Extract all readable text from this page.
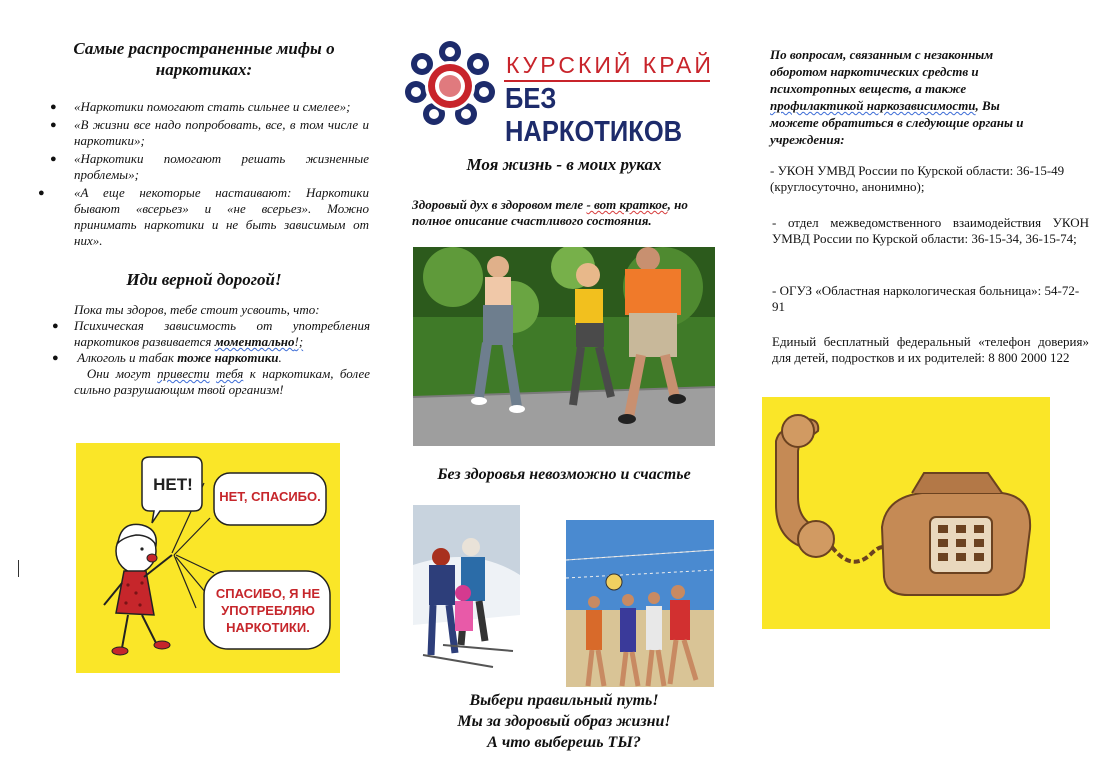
Самые распространенные мифы о наркотиках:

● «Наркотики помогают стать сильнее и смелее»;
● «В жизни все надо попробовать, все, в том числе и наркотики»;
● «Наркотики помогают решать жизненные проблемы»;
● «А еще некоторые настаивают: Наркотики бывают «всерьез» и «не всерьез». Можно принимать наркотики и не быть зависимым от них».

Иди верной дорогой!

Пока ты здоров, тебе стоит усвоить, что:
● Психическая зависимость от употребления наркотиков развивается моментально!;
● Алкоголь и табак тоже наркотики.
Они могут привести тебя к наркотикам, более сильно разрушающим твой организм!
НЕТ!
НЕТ, СПАСИБО.
СПАСИБО, Я НЕ УПОТРЕБЛЯЮ НАРКОТИКИ.
КУРСКИЙ КРАЙ
БЕЗ НАРКОТИКОВ
Моя жизнь - в моих руках
Здоровый дух в здоровом теле - вот краткое, но полное описание счастливого состояния.
Без здоровья невозможно и счастье
Выбери правильный путь!
Мы за здоровый образ жизни!
А что выберешь ТЫ?
По вопросам, связанным с незаконным оборотом наркотических средств и психотропных веществ, а также профилактикой наркозависимости, Вы можете обратиться в следующие органы и учреждения:
- УКОН УМВД России по Курской области: 36-15-49 (круглосуточно, анонимно);
- отдел межведомственного взаимодействия УКОН УМВД России по Курской области: 36-15-34, 36-15-74;
- ОГУЗ «Областная наркологическая больница»: 54-72-91
Единый бесплатный федеральный «телефон доверия» для детей, подростков и их родителей: 8 800 2000 122
